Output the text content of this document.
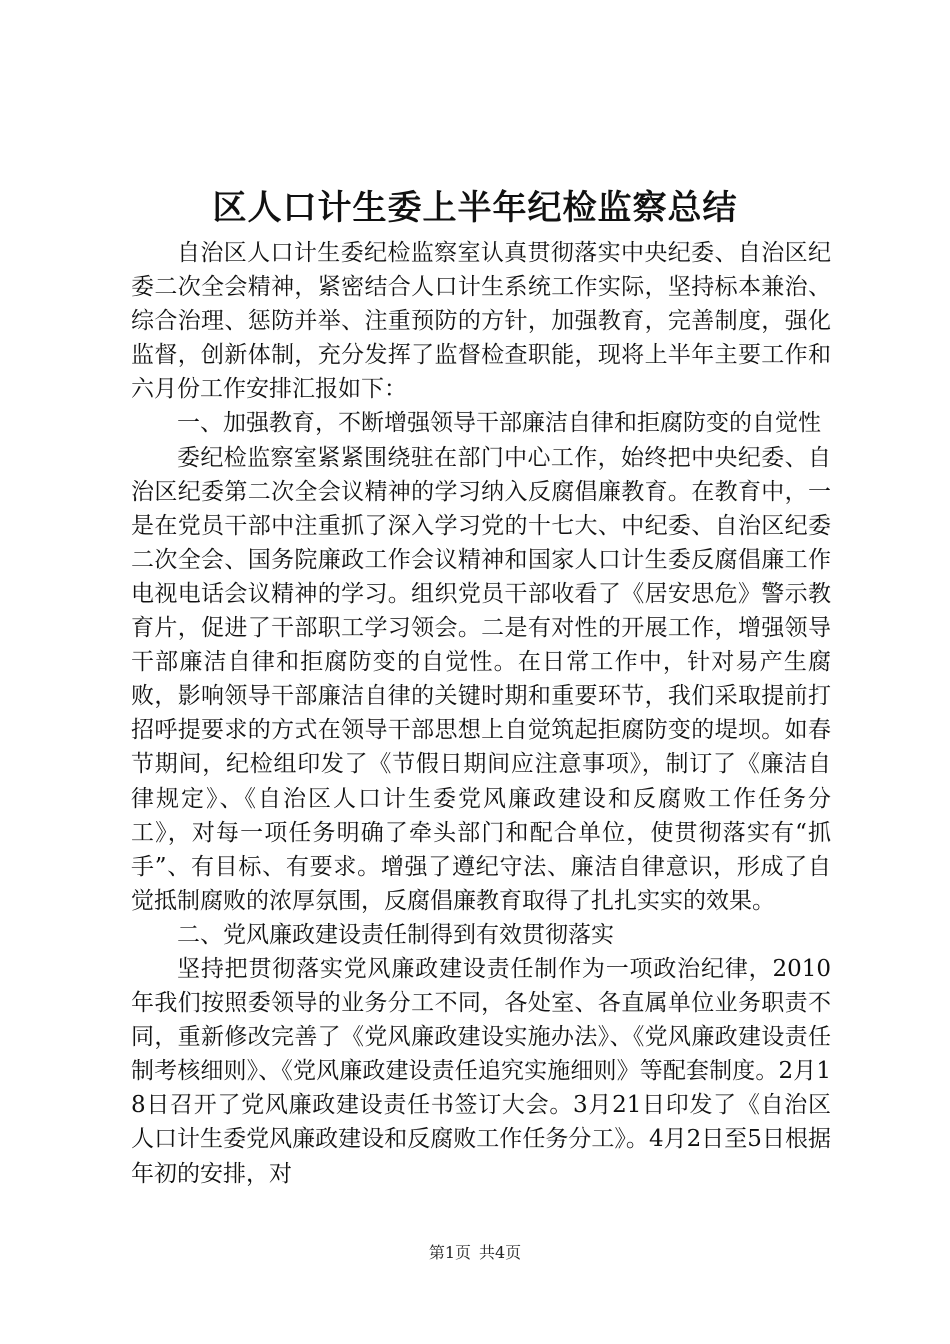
区人口计生委上半年纪检监察总结

自治区人口计生委纪检监察室认真贯彻落实中央纪委、自治区纪委二次全会精神，紧密结合人口计生系统工作实际，坚持标本兼治、综合治理、惩防并举、注重预防的方针，加强教育，完善制度，强化监督，创新体制，充分发挥了监督检查职能，现将上半年主要工作和六月份工作安排汇报如下：

一、加强教育，不断增强领导干部廉洁自律和拒腐防变的自觉性

委纪检监察室紧紧围绕驻在部门中心工作，始终把中央纪委、自治区纪委第二次全会议精神的学习纳入反腐倡廉教育。在教育中，一是在党员干部中注重抓了深入学习党的十七大、中纪委、自治区纪委二次全会、国务院廉政工作会议精神和国家人口计生委反腐倡廉工作电视电话会议精神的学习。组织党员干部收看了《居安思危》警示教育片，促进了干部职工学习领会。二是有对性的开展工作，增强领导干部廉洁自律和拒腐防变的自觉性。在日常工作中，针对易产生腐败，影响领导干部廉洁自律的关键时期和重要环节，我们采取提前打招呼提要求的方式在领导干部思想上自觉筑起拒腐防变的堤坝。如春节期间，纪检组印发了《节假日期间应注意事项》，制订了《廉洁自律规定》、《自治区人口计生委党风廉政建设和反腐败工作任务分工》，对每一项任务明确了牵头部门和配合单位，使贯彻落实有“抓手”、有目标、有要求。增强了遵纪守法、廉洁自律意识，形成了自觉抵制腐败的浓厚氛围，反腐倡廉教育取得了扎扎实实的效果。

二、党风廉政建设责任制得到有效贯彻落实

坚持把贯彻落实党风廉政建设责任制作为一项政治纪律，2010年我们按照委领导的业务分工不同，各处室、各直属单位业务职责不同，重新修改完善了《党风廉政建设实施办法》、《党风廉政建设责任制考核细则》、《党风廉政建设责任追究实施细则》等配套制度。2月18日召开了党风廉政建设责任书签订大会。3月21日印发了《自治区人口计生委党风廉政建设和反腐败工作任务分工》。4月2日至5日根据年初的安排，对

第1页 共4页
